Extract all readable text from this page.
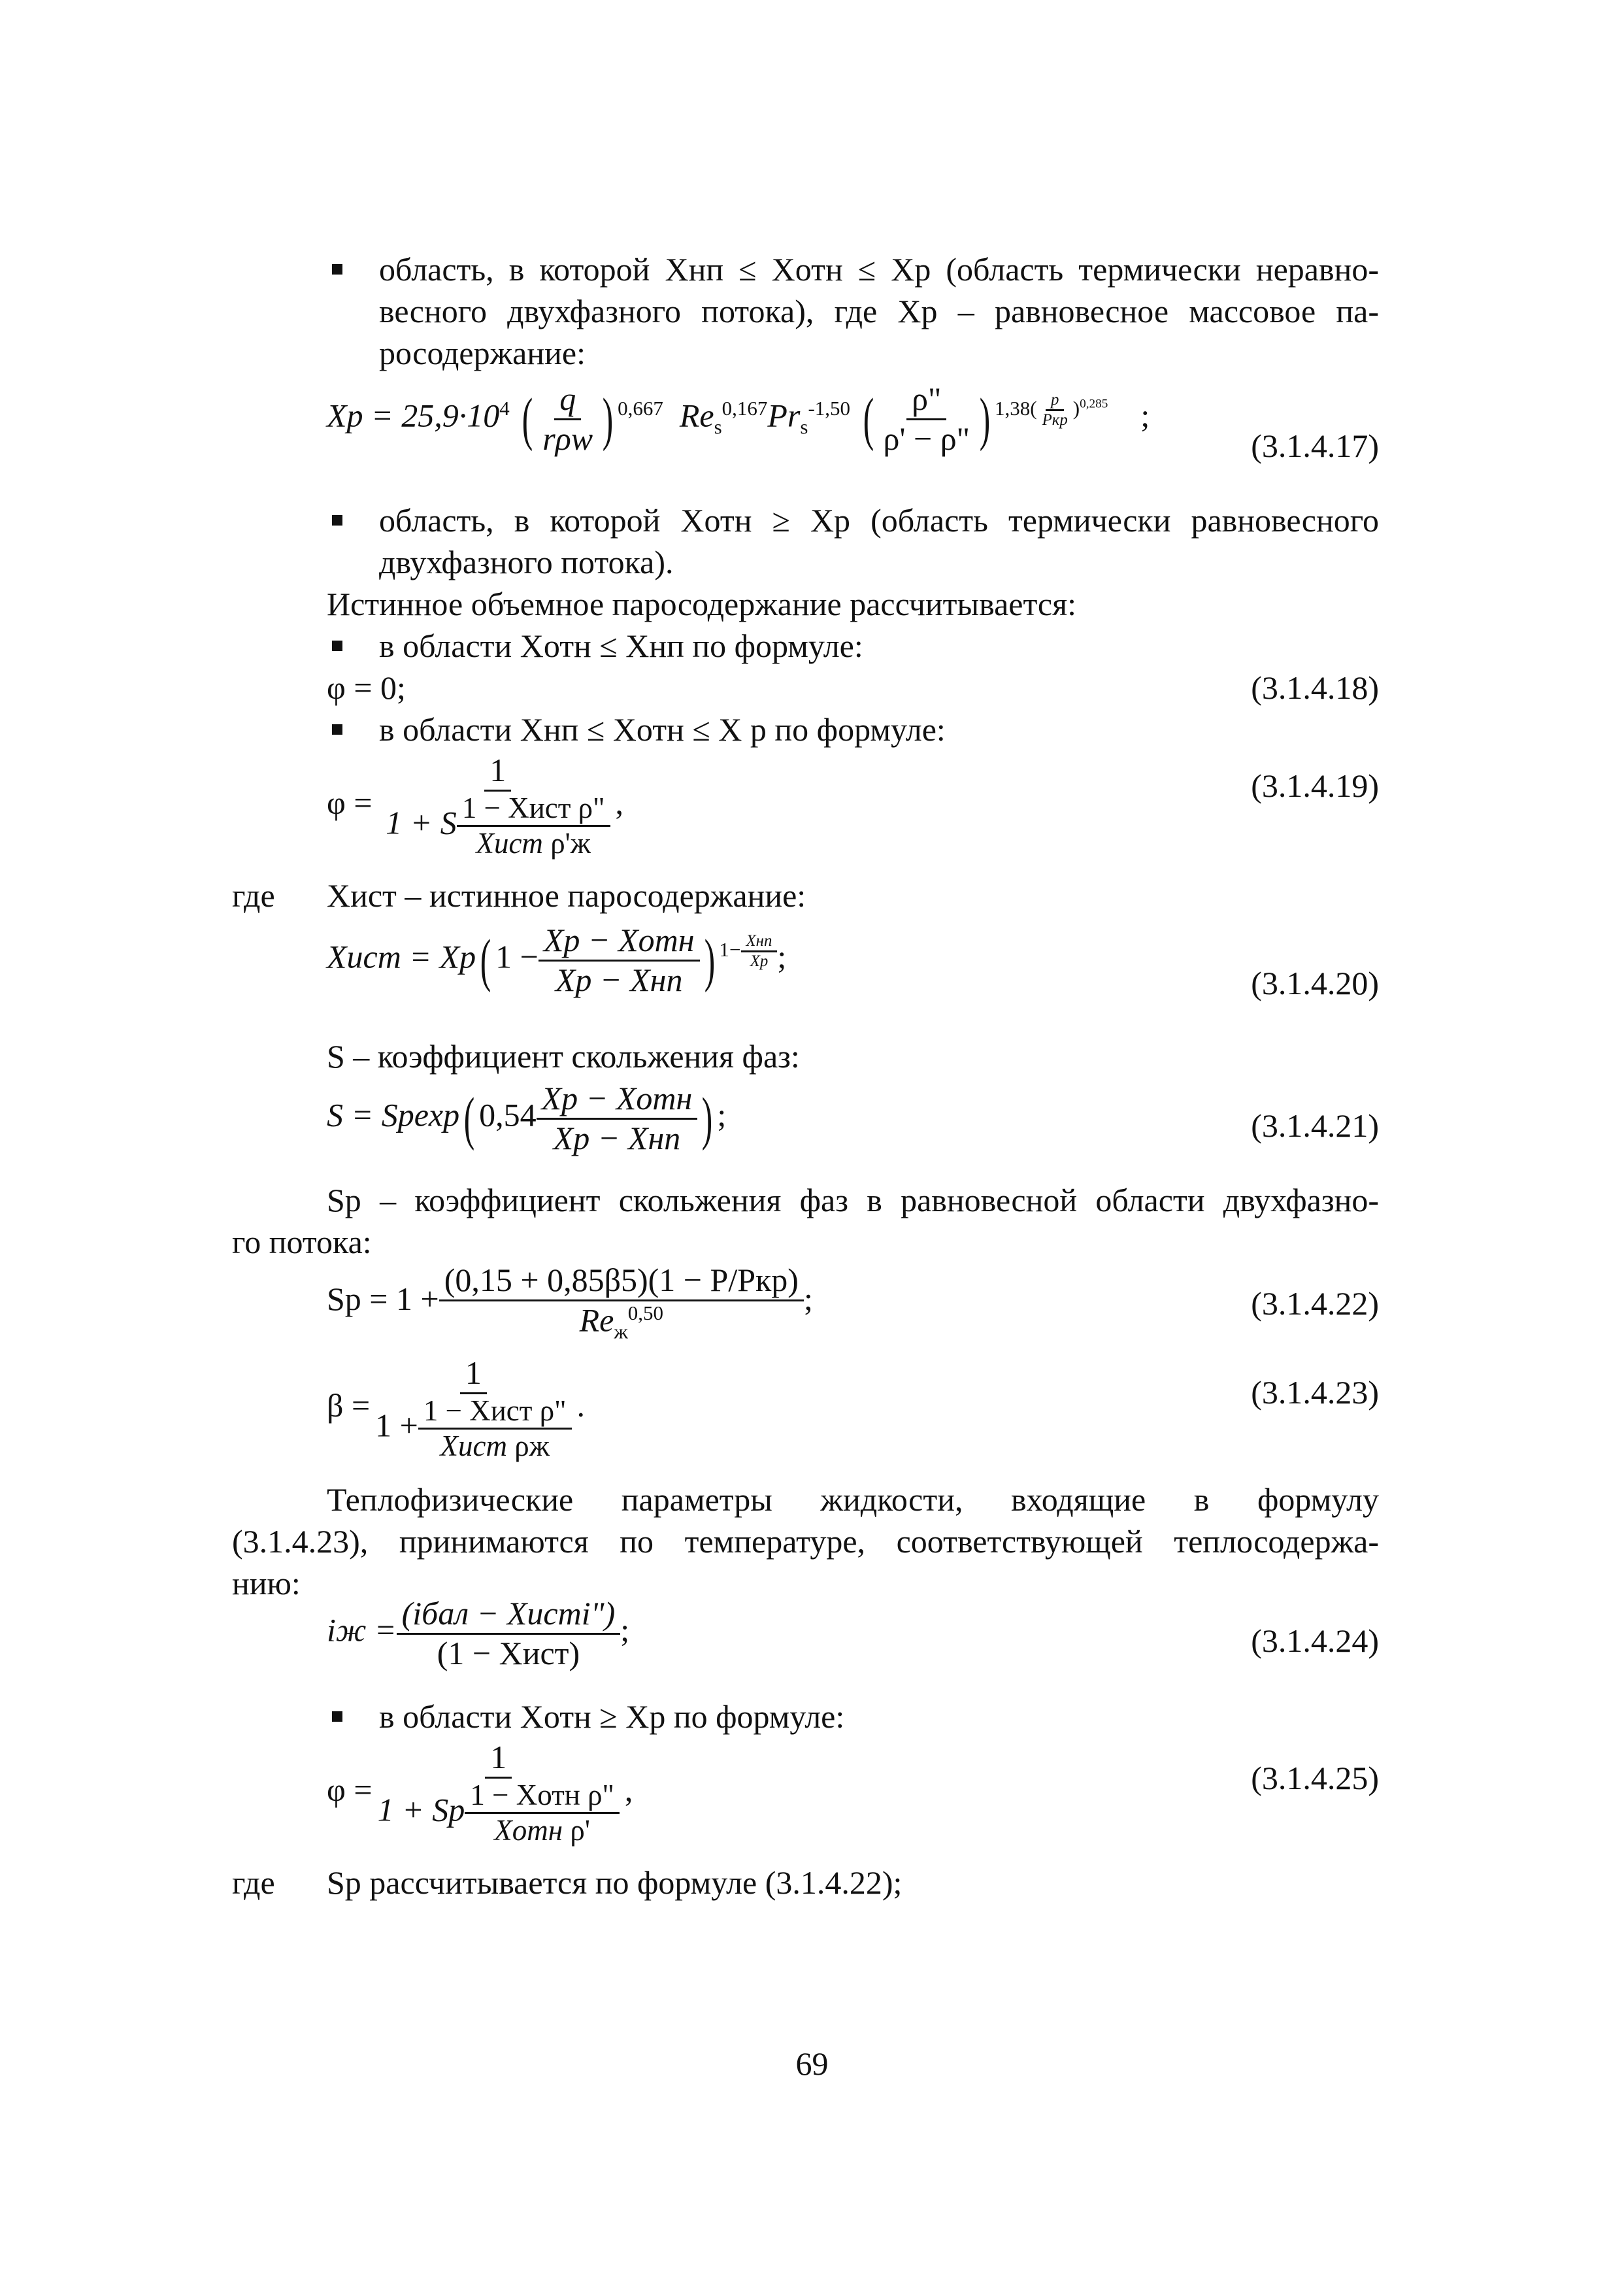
область, в которой Xнп ≤ Xотн ≤ Xр (область термически неравно-
весного двухфазного потока), где Xр – равновесное массовое па-
росодержание:
Xр = $25,9\cdot 10^4$ ( $\frac{q}{\text{rρw}}$ ) $^{0,667}$ $Re_s^{0,167}Pr_s^{-1,50}$ ( $\frac{\rho"}{\rho' - \rho"}$ ) $^{1,38( \frac{p}{\text{Pкр}} )^{0,285}}$ ;
(3.1.4.17)
область, в которой Xотн ≥ Xр (область термически равновесного
двухфазного потока).
Истинное объемное паросодержание рассчитывается:
в области Xотн ≤ Xнп по формуле:
φ = 0;	(3.1.4.18)
в области Xнп ≤ Xотн ≤ X р по формуле:
$\varphi = \frac{1}{1 + S \frac{\text{1 − Xист ρ"}}{\text{Xист ρ'ж}}}$ ,	(3.1.4.19)
где Xист – истинное паросодержание:
Xист = Xр( $1 - \frac{\text{Xр − Xотн}}{\text{Xр − Xнп}}$ ) $^{1- \frac{\text{Xнп}}{Xр}}$ ;
(3.1.4.20)
S – коэффициент скольжения фаз:
S = Sрexp( $0,54 \frac{\text{Xр − Xотн}}{\text{Xр − Xнп}}$ ) ;	(3.1.4.21)
Sр – коэффициент скольжения фаз в равновесной области двухфазно-
го потока:
Sр = $1 + \frac{\text{(0,15 + 0,85β5)(1 − P/Pкр)}}{Re_ж^{0,50}}$ ;	(3.1.4.22)
$\beta = \frac{1}{1 + \frac{\text{1 − Xист ρ"}}{\text{Xист ρж}}}$ .	(3.1.4.23)
Теплофизические параметры жидкости, входящие в формулу
(3.1.4.23), принимаются по температуре, соответствующей теплосодержа-
нию:
iж = $\frac{\text{(iбал − Xистi")}}{\text{(1 − Xист)}}$ ;	(3.1.4.24)
в области Xотн ≥ Xр по формуле:
$\varphi = \frac{1}{1 + Sр \frac{\text{1 − Xотн ρ"}}{\text{Xотн ρ'}}}$ ,	(3.1.4.25)
где Sр рассчитывается по формуле (3.1.4.22);
69
